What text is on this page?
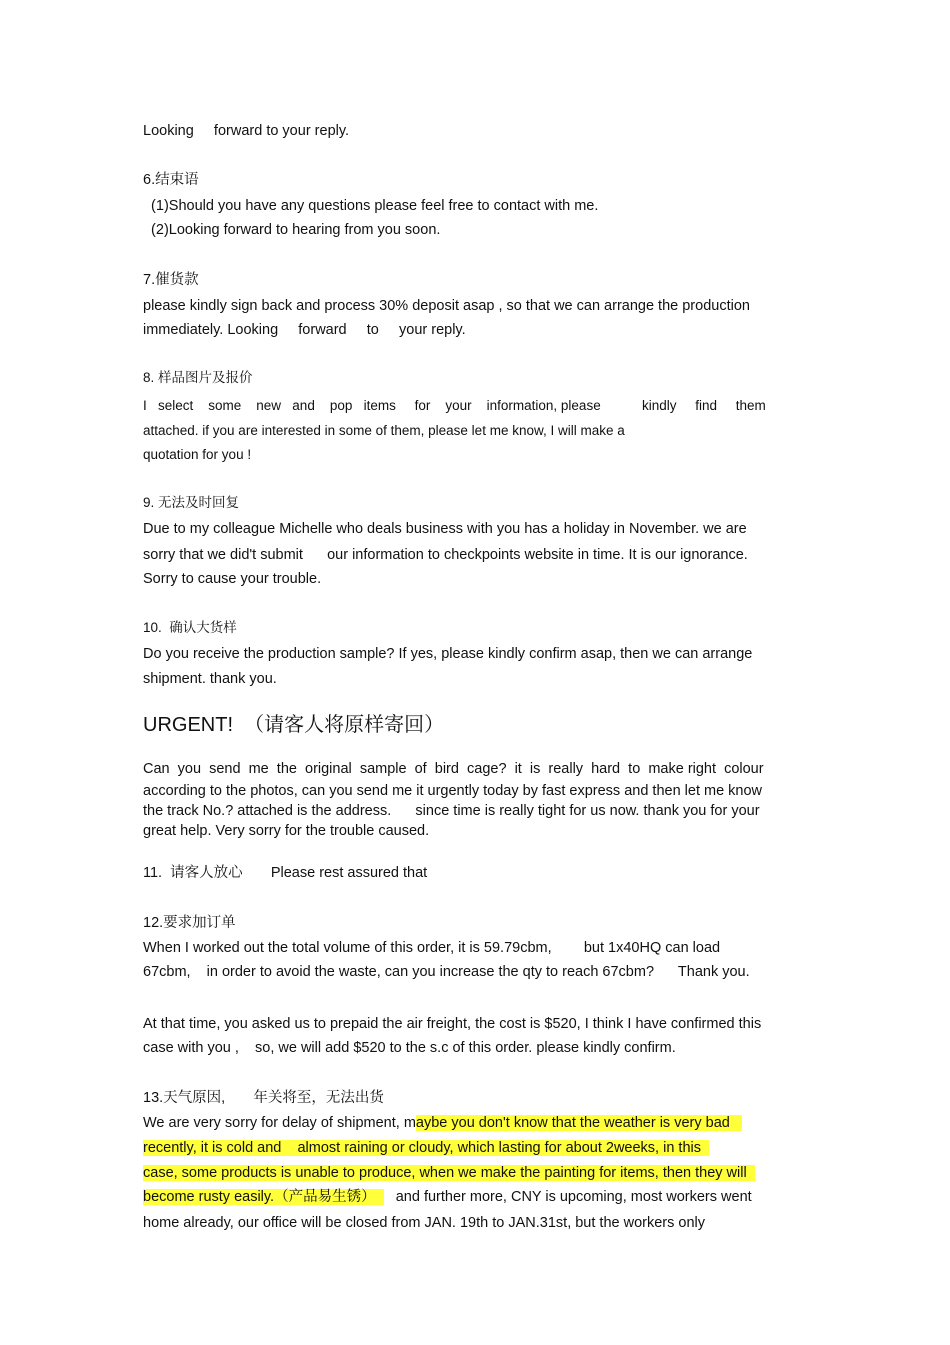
Looking     forward to your reply.

6.结束语

(1)Should you have any questions please feel free to contact with me.

(2)Looking forward to hearing from you soon.

7.催货款

please kindly sign back and process 30% deposit asap , so that we can arrange the production

immediately. Looking     forward     to     your reply.

8. 样品图片及报价

I   select    some    new   and    pop   items     for    your    information, please           kindly     find     them

attached. if you are interested in some of them, please let me know, I will make a

quotation for you !

9. 无法及时回复

Due to my colleague Michelle who deals business with you has a holiday in November. we are

sorry that we did't submit      our information to checkpoints website in time. It is our ignorance.

Sorry to cause your trouble.

10.  确认大货样

Do you receive the production sample? If yes, please kindly confirm asap, then we can arrange

shipment. thank you.

URGENT!  （请客人将原样寄回）

Can  you  send  me  the  original  sample  of  bird  cage?  it  is  really  hard  to  make right  colour

according to the photos, can you send me it urgently today by fast express and then let me know

the track No.? attached is the address.      since time is really tight for us now. thank you for your

great help. Very sorry for the trouble caused.

11.  请客人放心       Please rest assured that

12.要求加订单

When I worked out the total volume of this order, it is 59.79cbm,        but 1x40HQ can load

67cbm,    in order to avoid the waste, can you increase the qty to reach 67cbm?      Thank you.

At that time, you asked us to prepaid the air freight, the cost is $520, I think I have confirmed this

case with you ,    so, we will add $520 to the s.c of this order. please kindly confirm.

13.天气原因,       年关将至，无法出货

We are very sorry for delay of shipment, maybe you don't know that the weather is very bad

recently, it is cold and    almost raining or cloudy, which lasting for about 2weeks, in this

case, some products is unable to produce, when we make the painting for items, then they will

become rusty easily.（产品易生锈）     and further more, CNY is upcoming, most workers went

home already, our office will be closed from JAN. 19th to JAN.31st, but the workers only
